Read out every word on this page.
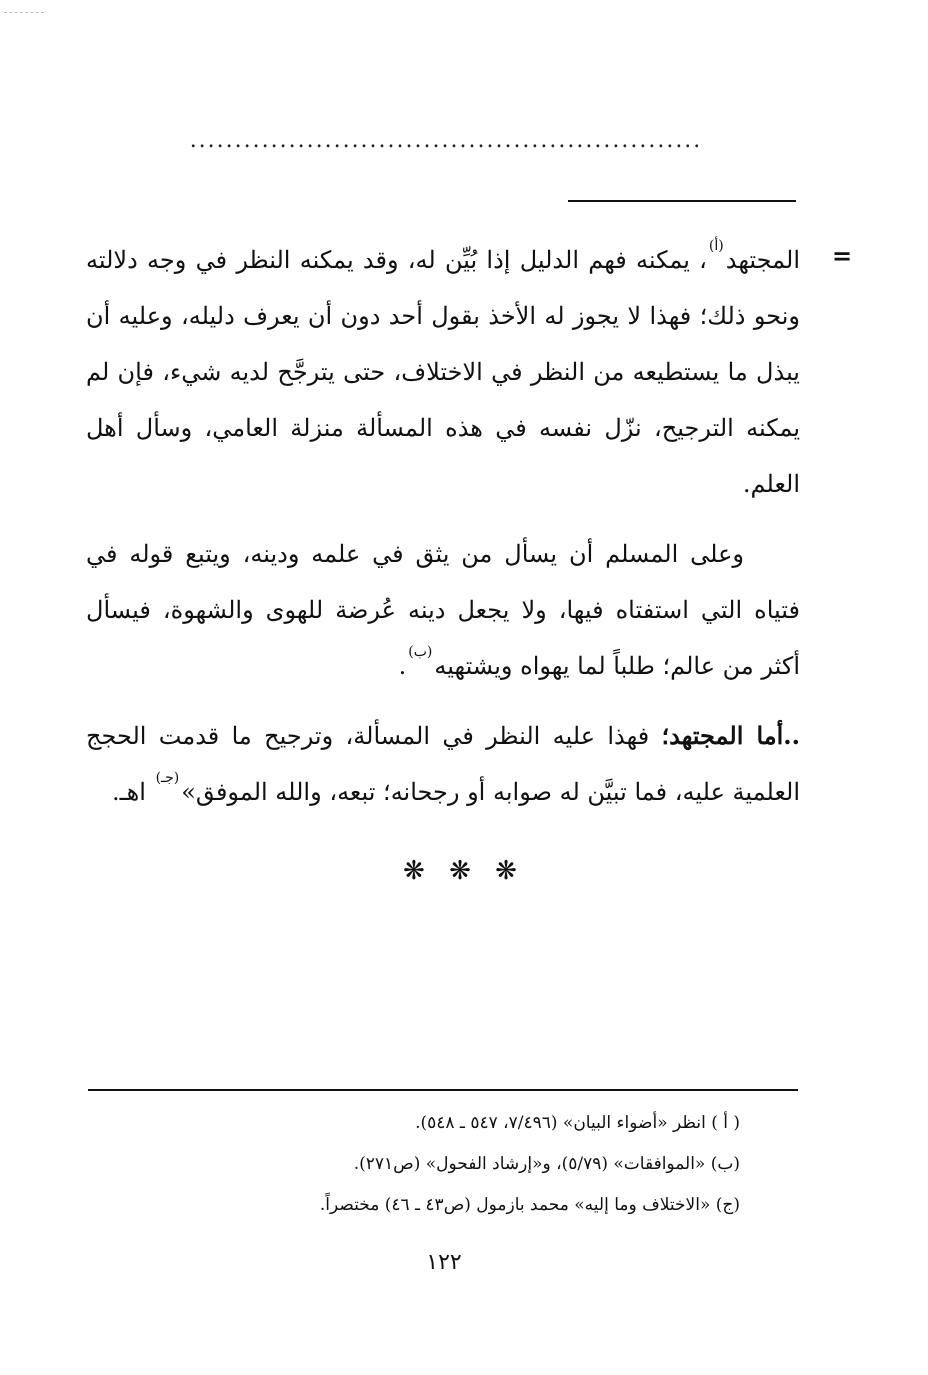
.........................................................
=

المجتهد$^{(أ)}$، يمكنه فهم الدليل إذا بُيِّن له، وقد يمكنه النظر في وجه دلالته ونحو ذلك؛ فهذا لا يجوز له الأخذ بقول أحد دون أن يعرف دليله، وعليه أن يبذل ما يستطيعه من النظر في الاختلاف، حتى يترجَّح لديه شيء، فإن لم يمكنه الترجيح، نزّل نفسه في هذه المسألة منزلة العامي، وسأل أهل العلم.

وعلى المسلم أن يسأل من يثق في علمه ودينه، ويتبع قوله في فتياه التي استفتاه فيها، ولا يجعل دينه عُرضة للهوى والشهوة، فيسأل أكثر من عالم؛ طلباً لما يهواه ويشتهيه$^{(ب)}$.

..أما المجتهد؛ فهذا عليه النظر في المسألة، وترجيح ما قدمت الحجج العلمية عليه، فما تبيَّن له صوابه أو رجحانه؛ تبعه، والله الموفق»$^{(جـ)}$ اهـ.

❋ ❋ ❋

( أ ) انظر «أضواء البيان» (٧/٤٩٦، ٥٤٧ ـ ٥٤٨).

(ب) «الموافقات» (٥/٧٩)، و«إرشاد الفحول» (ص٢٧١).

(ج) «الاختلاف وما إليه» محمد بازمول (ص٤٣ ـ ٤٦) مختصراً.

١٢٢
